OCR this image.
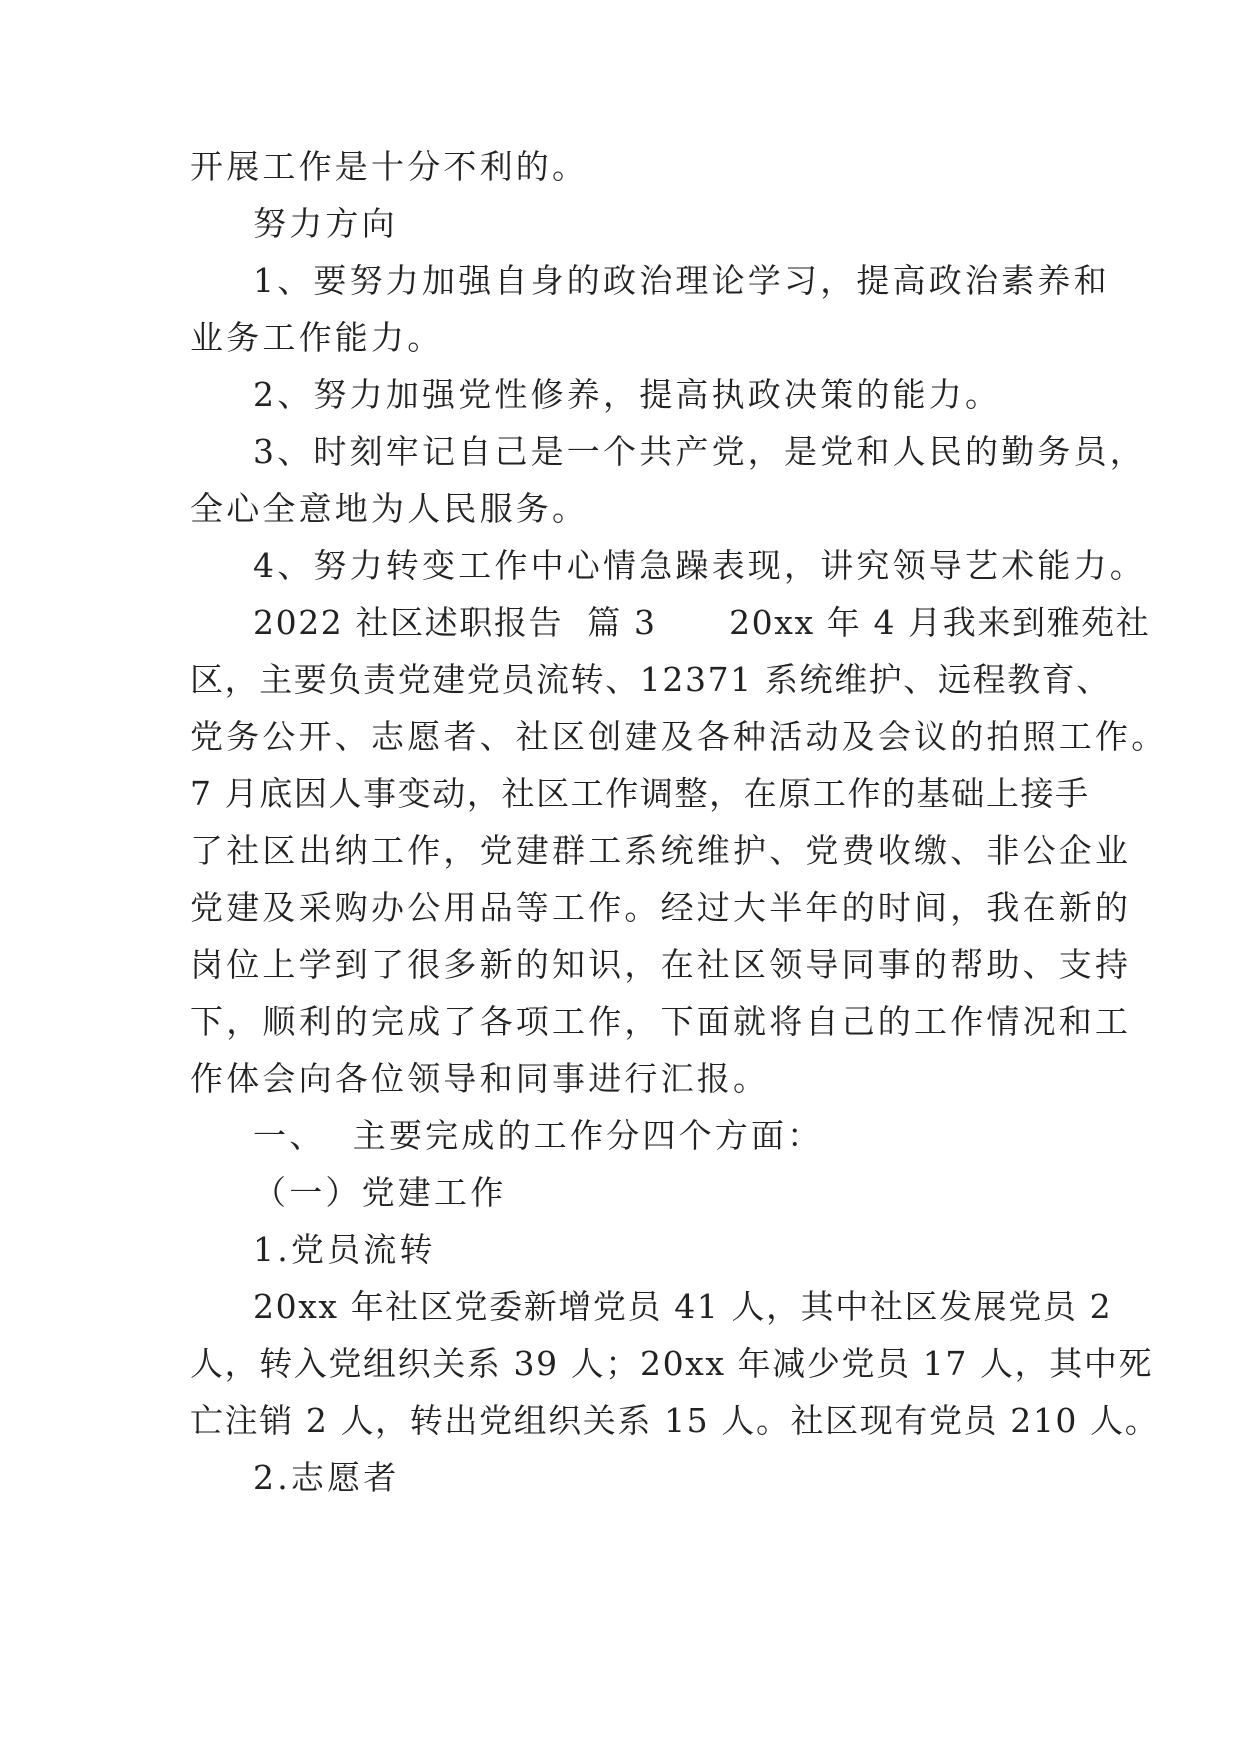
开展工作是十分不利的。
努力方向
1、要努力加强自身的政治理论学习，提高政治素养和
业务工作能力。
2、努力加强党性修养，提高执政决策的能力。
3、时刻牢记自己是一个共产党，是党和人民的勤务员，
全心全意地为人民服务。
4、努力转变工作中心情急躁表现，讲究领导艺术能力。
2022 社区述职报告  篇 3      20xx 年 4 月我来到雅苑社
区，主要负责党建党员流转、12371 系统维护、远程教育、
党务公开、志愿者、社区创建及各种活动及会议的拍照工作。
7 月底因人事变动，社区工作调整，在原工作的基础上接手
了社区出纳工作，党建群工系统维护、党费收缴、非公企业
党建及采购办公用品等工作。经过大半年的时间，我在新的
岗位上学到了很多新的知识，在社区领导同事的帮助、支持
下，顺利的完成了各项工作，下面就将自己的工作情况和工
作体会向各位领导和同事进行汇报。
一、  主要完成的工作分四个方面：
（一）党建工作
1.党员流转
20xx 年社区党委新增党员 41 人，其中社区发展党员 2
人，转入党组织关系 39 人；20xx 年减少党员 17 人，其中死
亡注销 2 人，转出党组织关系 15 人。社区现有党员 210 人。
2.志愿者
